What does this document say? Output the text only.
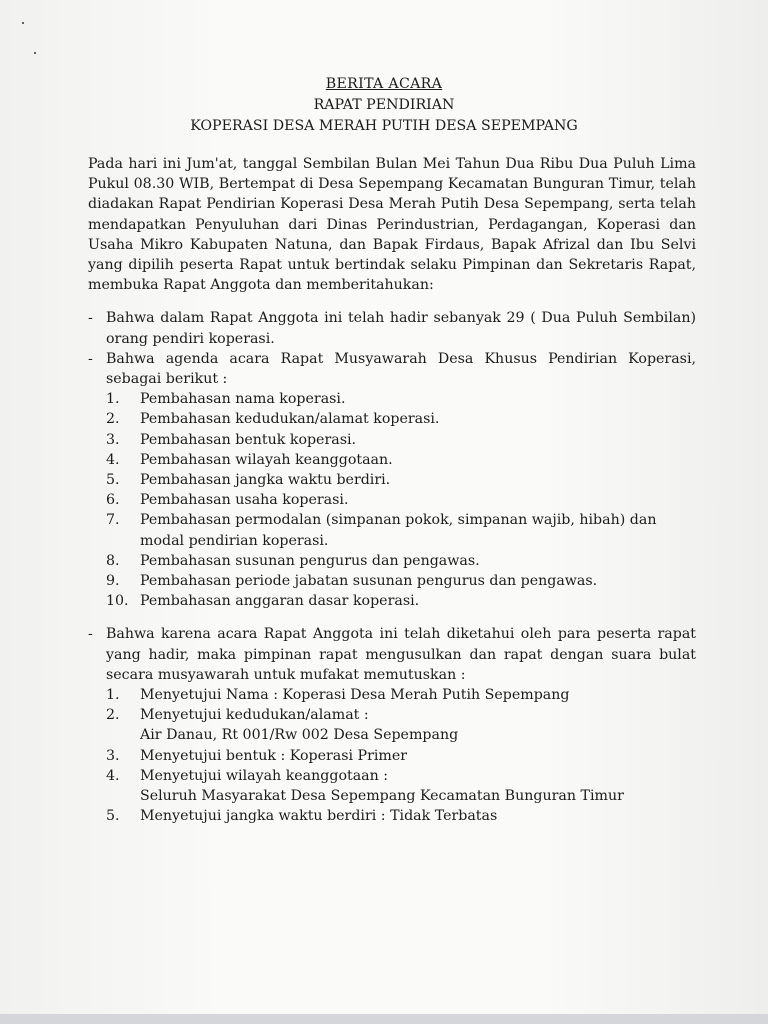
BERITA ACARA
RAPAT PENDIRIAN
KOPERASI DESA MERAH PUTIH DESA SEPEMPANG
Pada hari ini Jum'at, tanggal Sembilan Bulan Mei Tahun Dua Ribu Dua Puluh Lima Pukul 08.30 WIB, Bertempat di Desa Sepempang Kecamatan Bunguran Timur, telah diadakan Rapat Pendirian Koperasi Desa Merah Putih Desa Sepempang, serta telah mendapatkan Penyuluhan dari Dinas Perindustrian, Perdagangan, Koperasi dan Usaha Mikro Kabupaten Natuna, dan Bapak Firdaus, Bapak Afrizal dan Ibu Selvi yang dipilih peserta Rapat untuk bertindak selaku Pimpinan dan Sekretaris Rapat, membuka Rapat Anggota dan memberitahukan:
- Bahwa dalam Rapat Anggota ini telah hadir sebanyak 29 ( Dua Puluh Sembilan) orang pendiri koperasi.
- Bahwa agenda acara Rapat Musyawarah Desa Khusus Pendirian Koperasi, sebagai berikut :
1. Pembahasan nama koperasi.
2. Pembahasan kedudukan/alamat koperasi.
3. Pembahasan bentuk koperasi.
4. Pembahasan wilayah keanggotaan.
5. Pembahasan jangka waktu berdiri.
6. Pembahasan usaha koperasi.
7. Pembahasan permodalan (simpanan pokok, simpanan wajib, hibah) dan modal pendirian koperasi.
8. Pembahasan susunan pengurus dan pengawas.
9. Pembahasan periode jabatan susunan pengurus dan pengawas.
10. Pembahasan anggaran dasar koperasi.
- Bahwa karena acara Rapat Anggota ini telah diketahui oleh para peserta rapat yang hadir, maka pimpinan rapat mengusulkan dan rapat dengan suara bulat secara musyawarah untuk mufakat memutuskan :
1. Menyetujui Nama : Koperasi Desa Merah Putih Sepempang
2. Menyetujui kedudukan/alamat :
Air Danau, Rt 001/Rw 002 Desa Sepempang
3. Menyetujui bentuk : Koperasi Primer
4. Menyetujui wilayah keanggotaan :
Seluruh Masyarakat Desa Sepempang Kecamatan Bunguran Timur
5. Menyetujui jangka waktu berdiri : Tidak Terbatas
